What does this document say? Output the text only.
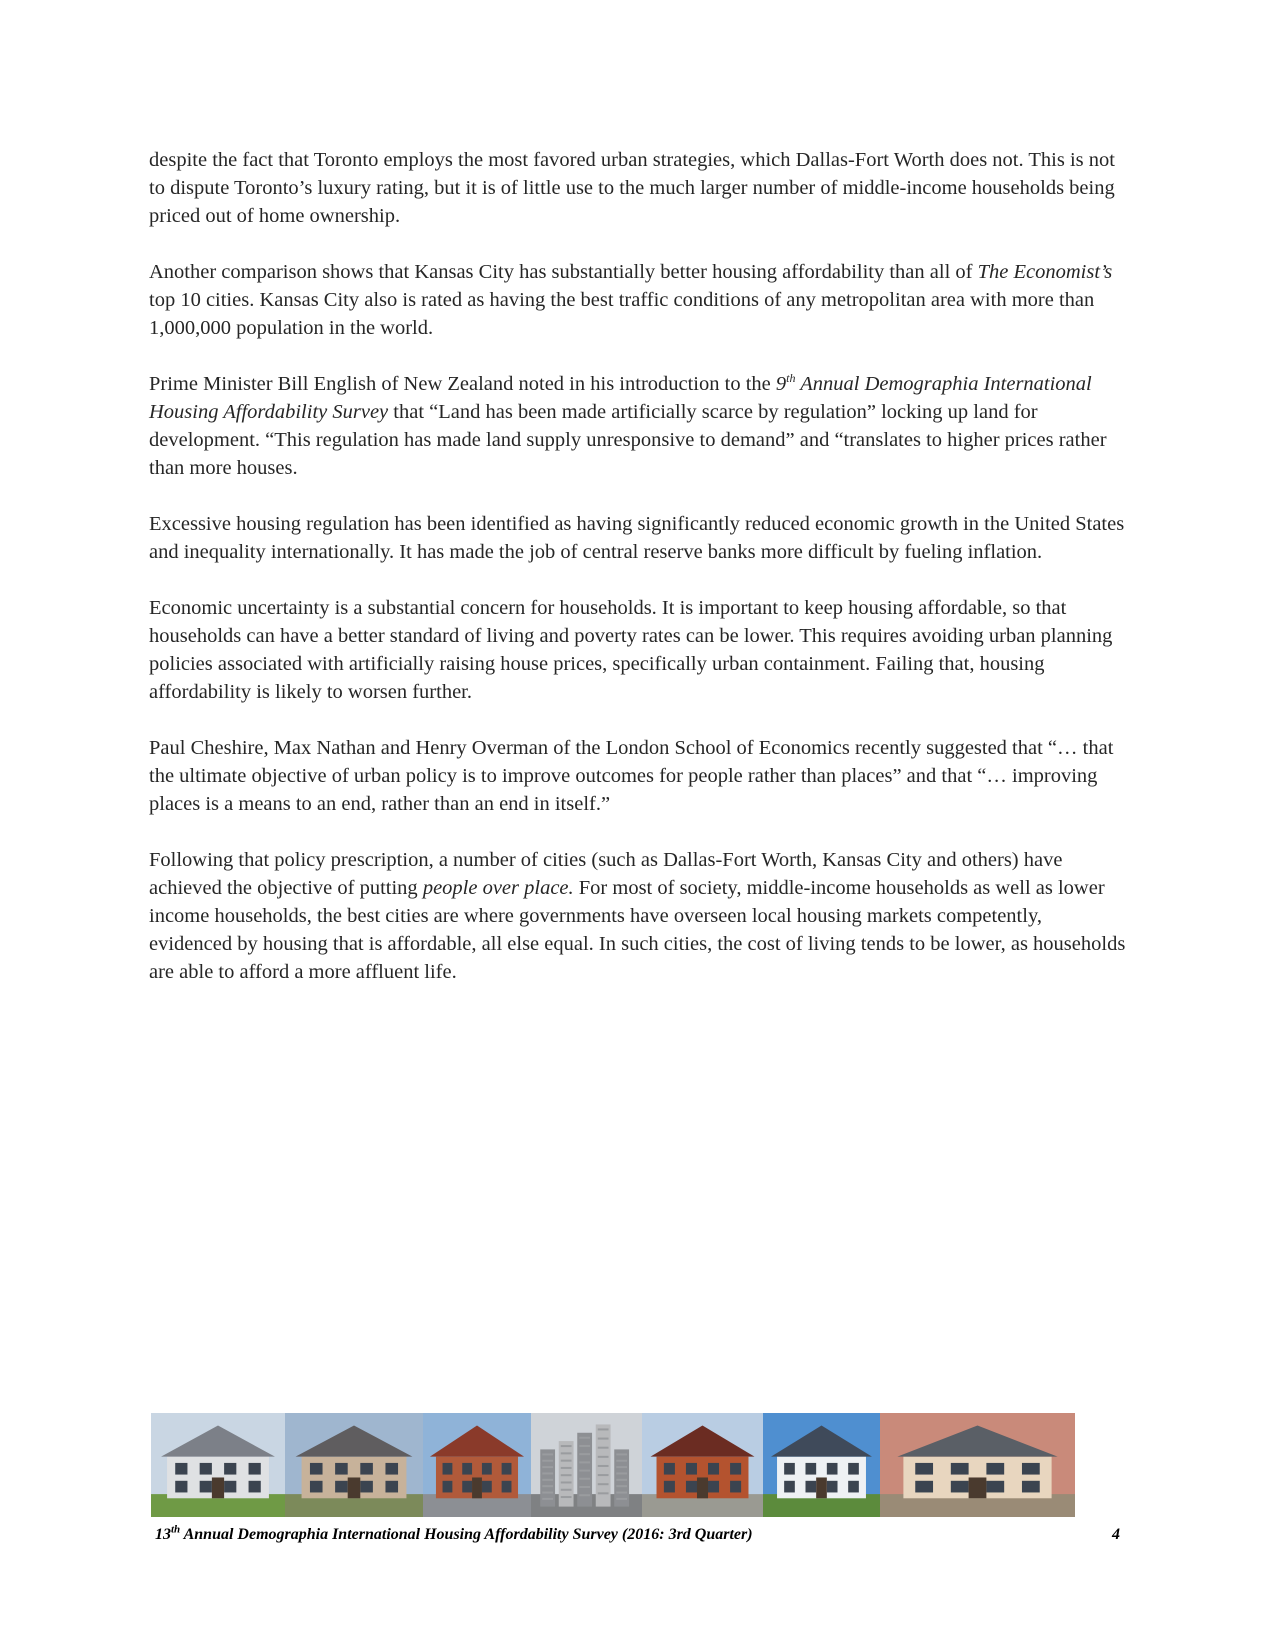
despite the fact that Toronto employs the most favored urban strategies, which Dallas-Fort Worth does not. This is not to dispute Toronto’s luxury rating, but it is of little use to the much larger number of middle-income households being priced out of home ownership.

Another comparison shows that Kansas City has substantially better housing affordability than all of The Economist’s top 10 cities. Kansas City also is rated as having the best traffic conditions of any metropolitan area with more than 1,000,000 population in the world.

Prime Minister Bill English of New Zealand noted in his introduction to the 9th Annual Demographia International Housing Affordability Survey that “Land has been made artificially scarce by regulation” locking up land for development. “This regulation has made land supply unresponsive to demand” and “translates to higher prices rather than more houses.

Excessive housing regulation has been identified as having significantly reduced economic growth in the United States and inequality internationally. It has made the job of central reserve banks more difficult by fueling inflation.

Economic uncertainty is a substantial concern for households. It is important to keep housing affordable, so that households can have a better standard of living and poverty rates can be lower. This requires avoiding urban planning policies associated with artificially raising house prices, specifically urban containment. Failing that, housing affordability is likely to worsen further.

Paul Cheshire, Max Nathan and Henry Overman of the London School of Economics recently suggested that “… that the ultimate objective of urban policy is to improve outcomes for people rather than places” and that “… improving places is a means to an end, rather than an end in itself.”

Following that policy prescription, a number of cities (such as Dallas-Fort Worth, Kansas City and others) have achieved the objective of putting people over place. For most of society, middle-income households as well as lower income households, the best cities are where governments have overseen local housing markets competently, evidenced by housing that is affordable, all else equal. In such cities, the cost of living tends to be lower, as households are able to afford a more affluent life.

13th Annual Demographia International Housing Affordability Survey (2016: 3rd Quarter)	4
